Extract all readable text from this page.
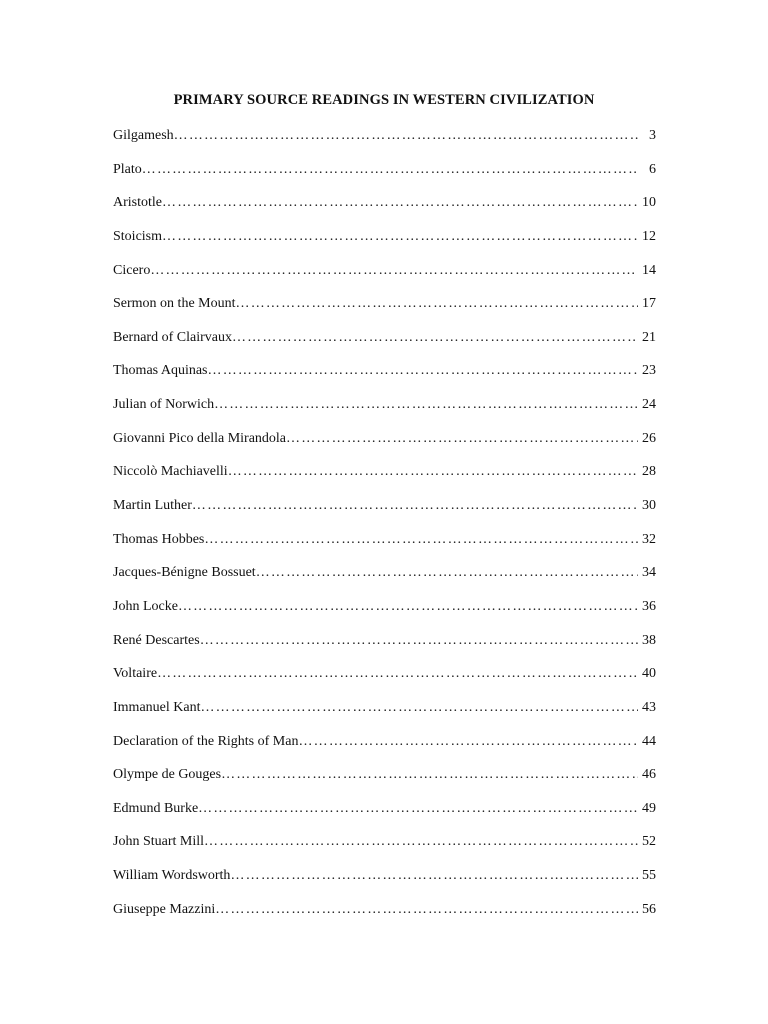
PRIMARY SOURCE READINGS IN WESTERN CIVILIZATION
Gilgamesh …………………………………………………………………………………………………………………………………………………………	3
Plato …………………………………………………………………………………………………………………………………………………………	6
Aristotle …………………………………………………………………………………………………………………………………………………………	10
Stoicism …………………………………………………………………………………………………………………………………………………………	12
Cicero …………………………………………………………………………………………………………………………………………………………	14
Sermon on the Mount …………………………………………………………………………………………………………………………………………………………	17
Bernard of Clairvaux …………………………………………………………………………………………………………………………………………………………	21
Thomas Aquinas …………………………………………………………………………………………………………………………………………………………	23
Julian of Norwich …………………………………………………………………………………………………………………………………………………………	24
Giovanni Pico della Mirandola …………………………………………………………………………………………………………………………………………………………	26
Niccolò Machiavelli …………………………………………………………………………………………………………………………………………………………	28
Martin Luther …………………………………………………………………………………………………………………………………………………………	30
Thomas Hobbes …………………………………………………………………………………………………………………………………………………………	32
Jacques-Bénigne Bossuet …………………………………………………………………………………………………………………………………………………………	34
John Locke …………………………………………………………………………………………………………………………………………………………	36
René Descartes …………………………………………………………………………………………………………………………………………………………	38
Voltaire …………………………………………………………………………………………………………………………………………………………	40
Immanuel Kant …………………………………………………………………………………………………………………………………………………………	43
Declaration of the Rights of Man …………………………………………………………………………………………………………………………………………………………	44
Olympe de Gouges …………………………………………………………………………………………………………………………………………………………	46
Edmund Burke …………………………………………………………………………………………………………………………………………………………	49
John Stuart Mill …………………………………………………………………………………………………………………………………………………………	52
William Wordsworth …………………………………………………………………………………………………………………………………………………………	55
Giuseppe Mazzini …………………………………………………………………………………………………………………………………………………………	56
